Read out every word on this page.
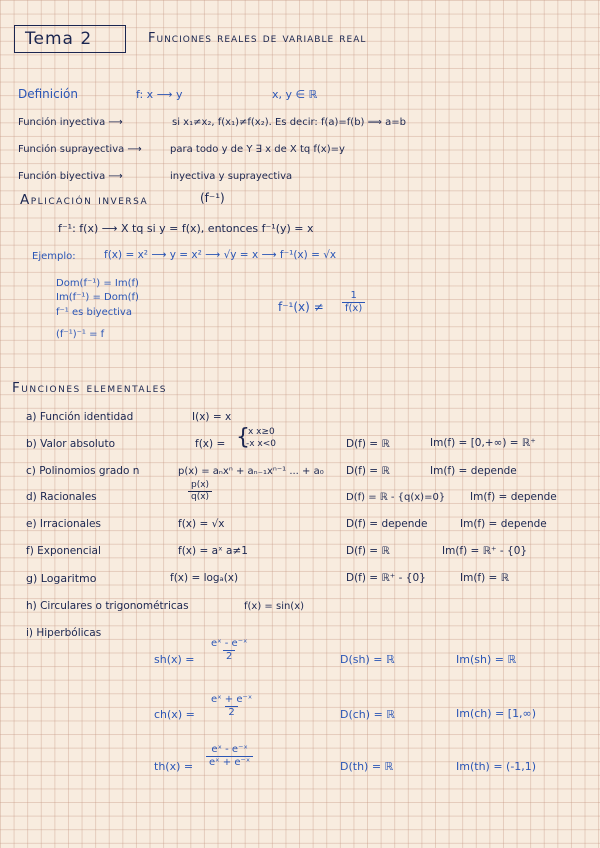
Tema 2	Funciones reales de variable real
Definición	f: x ⟶ y	x, y ∈ ℝ
Función inyectiva ⟶	si x₁≠x₂, f(x₁)≠f(x₂). Es decir: f(a)=f(b) ⟹ a=b
Función suprayectiva ⟶	para todo y de Y ∃ x de X tq f(x)=y
Función biyectiva ⟶	inyectiva y suprayectiva
Aplicación inversa	(f⁻¹)
f⁻¹: f(x) ⟶ X tq si y = f(x), entonces f⁻¹(y) = x
Ejemplo:	f(x) = x² ⟶ y = x² ⟶ √y = x ⟶ f⁻¹(x) = √x
Dom(f⁻¹) = Im(f)
Im(f⁻¹) = Dom(f)
f⁻¹ es biyectiva
(f⁻¹)⁻¹ = f
$f^{-1}(x) \ne \frac{1}{f(x)}$
Funciones elementales
a) Función identidad	I(x) = x
b) Valor absoluto	f(x) = {
x x≥0
-x x<0	D(f) = ℝ	Im(f) = [0,+∞) = ℝ⁺
c) Polinomios grado n	p(x) = aₙxⁿ + aₙ₋₁xⁿ⁻¹ ... + a₀ D(f) = ℝ	Im(f) = depende
d) Racionales	$\frac{p(x)}{q(x)}$	D(f) = ℝ - {q(x)=0} Im(f) = depende
e) Irracionales	f(x) = √x	D(f) = depende	Im(f) = depende
f) Exponencial	f(x) = aˣ a≠1	D(f) = ℝ	Im(f) = ℝ⁺ - {0}
g) Logaritmo	f(x) = logₐ(x)	D(f) = ℝ⁺ - {0}	Im(f) = ℝ
h) Circulares o trigonométricas	f(x) = sin(x)
i) Hiperbólicas
$sh(x) = \frac{\text{eˣ - e⁻ˣ}}{2}$	D(sh) = ℝ	Im(sh) = ℝ
$ch(x) = \frac{\text{eˣ + e⁻ˣ}}{2}$	D(ch) = ℝ	Im(ch) = [1,∞)
$th(x) = \frac{\text{eˣ - e⁻ˣ}}{\text{eˣ + e⁻ˣ}}$	D(th) = ℝ	Im(th) = (-1,1)
